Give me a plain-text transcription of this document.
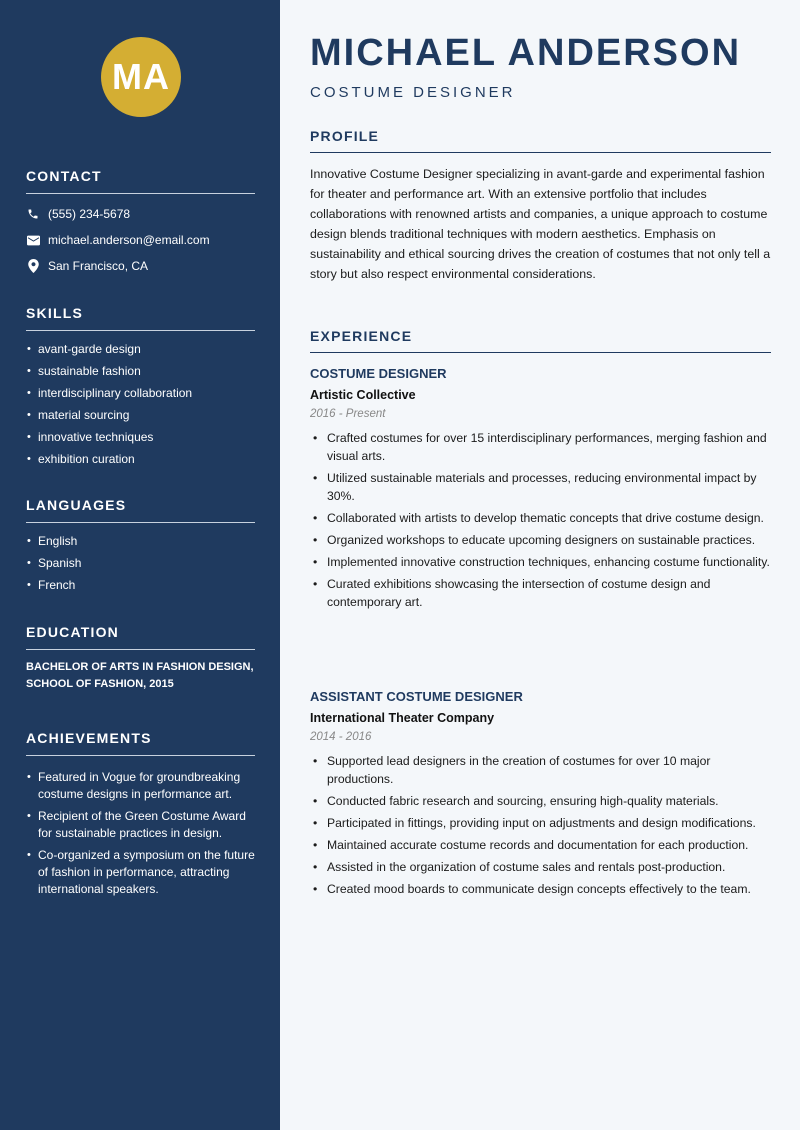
MA
CONTACT
(555) 234-5678
michael.anderson@email.com
San Francisco, CA
SKILLS
• avant-garde design
• sustainable fashion
• interdisciplinary collaboration
• material sourcing
• innovative techniques
• exhibition curation
LANGUAGES
• English
• Spanish
• French
EDUCATION
BACHELOR OF ARTS IN FASHION DESIGN, SCHOOL OF FASHION, 2015
ACHIEVEMENTS
• Featured in Vogue for groundbreaking costume designs in performance art.
• Recipient of the Green Costume Award for sustainable practices in design.
• Co-organized a symposium on the future of fashion in performance, attracting international speakers.
MICHAEL ANDERSON
COSTUME DESIGNER
PROFILE

Innovative Costume Designer specializing in avant-garde and experimental fashion for theater and performance art. With an extensive portfolio that includes collaborations with renowned artists and companies, a unique approach to costume design blends traditional techniques with modern aesthetics. Emphasis on sustainability and ethical sourcing drives the creation of costumes that not only tell a story but also respect environmental considerations.

EXPERIENCE
COSTUME DESIGNER
Artistic Collective
2016 - Present
• Crafted costumes for over 15 interdisciplinary performances, merging fashion and visual arts.
• Utilized sustainable materials and processes, reducing environmental impact by 30%.
• Collaborated with artists to develop thematic concepts that drive costume design.
• Organized workshops to educate upcoming designers on sustainable practices.
• Implemented innovative construction techniques, enhancing costume functionality.
• Curated exhibitions showcasing the intersection of costume design and contemporary art.
ASSISTANT COSTUME DESIGNER
International Theater Company
2014 - 2016
• Supported lead designers in the creation of costumes for over 10 major productions.
• Conducted fabric research and sourcing, ensuring high-quality materials.
• Participated in fittings, providing input on adjustments and design modifications.
• Maintained accurate costume records and documentation for each production.
• Assisted in the organization of costume sales and rentals post-production.
• Created mood boards to communicate design concepts effectively to the team.
